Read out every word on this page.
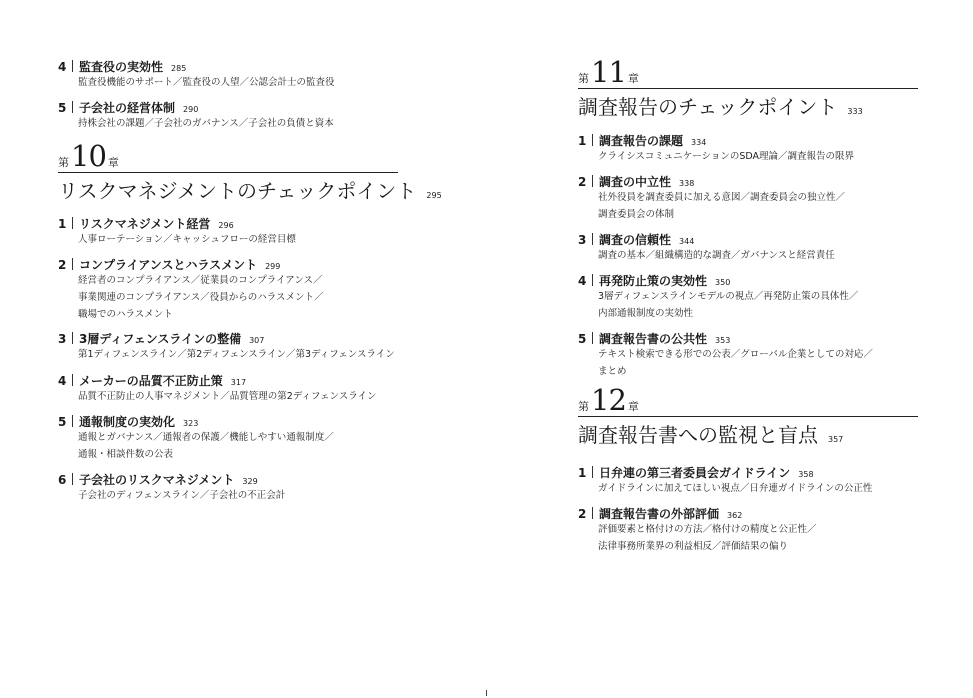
4 監査役の実効性 285
監査役機能のサポート／監査役の人望／公認会計士の監査役
5 子会社の経営体制 290
持株会社の課題／子会社のガバナンス／子会社の負債と資本
第 10 章
リスクマネジメントのチェックポイント 295
1 リスクマネジメント経営 296
人事ローテーション／キャッシュフローの経営目標
2 コンプライアンスとハラスメント 299
経営者のコンプライアンス／従業員のコンプライアンス／
事業関連のコンプライアンス／役員からのハラスメント／
職場でのハラスメント
3 3層ディフェンスラインの整備 307
第1ディフェンスライン／第2ディフェンスライン／第3ディフェンスライン
4 メーカーの品質不正防止策 317
品質不正防止の人事マネジメント／品質管理の第2ディフェンスライン
5 通報制度の実効化 323
通報とガバナンス／通報者の保護／機能しやすい通報制度／
通報・相談件数の公表
6 子会社のリスクマネジメント 329
子会社のディフェンスライン／子会社の不正会計
第 11 章
調査報告のチェックポイント 333
1 調査報告の課題 334
クライシスコミュニケーションのSDA理論／調査報告の限界
2 調査の中立性 338
社外役員を調査委員に加える意図／調査委員会の独立性／
調査委員会の体制
3 調査の信頼性 344
調査の基本／組織構造的な調査／ガバナンスと経営責任
4 再発防止策の実効性 350
3層ディフェンスラインモデルの視点／再発防止策の具体性／
内部通報制度の実効性
5 調査報告書の公共性 353
テキスト検索できる形での公表／グローバル企業としての対応／
まとめ
第 12 章
調査報告書への監視と盲点 357
1 日弁連の第三者委員会ガイドライン 358
ガイドラインに加えてほしい視点／日弁連ガイドラインの公正性
2 調査報告書の外部評価 362
評価要素と格付けの方法／格付けの精度と公正性／
法律事務所業界の利益相反／評価結果の偏り
